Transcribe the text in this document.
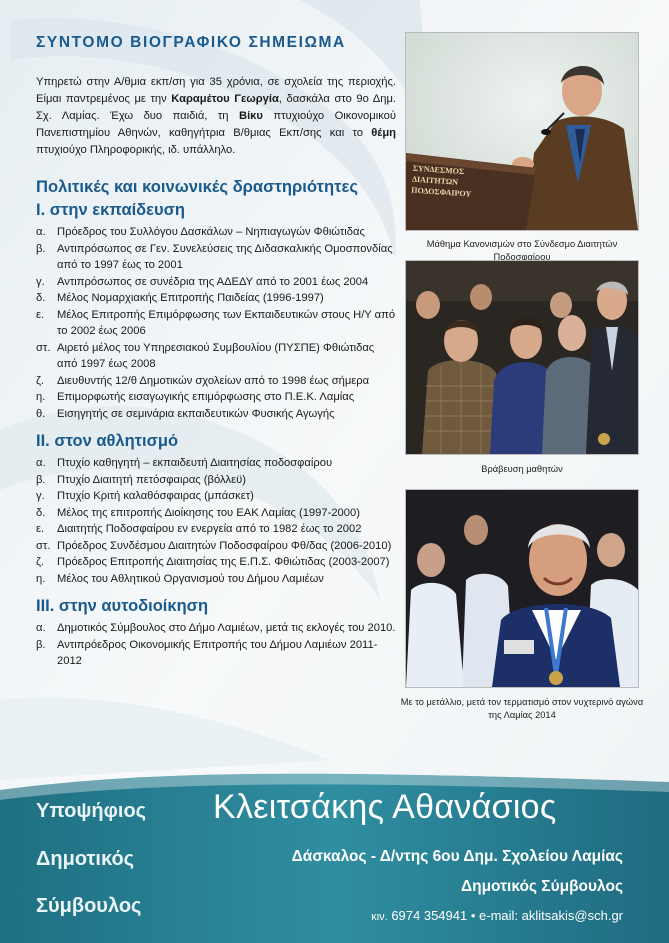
ΣΥΝΤΟΜΟ ΒΙΟΓΡΑΦΙΚΟ ΣΗΜΕΙΩΜΑ

Υπηρετώ στην Α/θμια εκπ/ση για 35 χρόνια, σε σχολεία της περιοχής. Είμαι παντρεμένος με την Καραμέτου Γεωργία, δασκάλα στο 9ο Δημ. Σχ. Λαμίας. Έχω δυο παιδιά, τη Βίκυ πτυχιούχο Οικονομικού Πανεπιστημίου Αθηνών, καθηγήτρια Β/θμιας Εκπ/σης και το θέμη πτυχιούχο Πληροφορικής, ιδ. υπάλληλο.

Πολιτικές και κοινωνικές δραστηριότητες
I. στην εκπαίδευση
α.	Πρόεδρος του Συλλόγου Δασκάλων – Νηπιαγωγών Φθιώτιδας
β.	Αντιπρόσωπος σε Γεν. Συνελεύσεις της Διδασκαλικής Ομοσπονδίας από το 1997 έως το 2001
γ.	Αντιπρόσωπος σε συνέδρια της ΑΔΕΔΥ από το 2001 έως 2004
δ.	Μέλος Νομαρχιακής Επιτροπής Παιδείας (1996-1997)
ε.	Μέλος Επιτροπής Επιμόρφωσης των Εκπαιδευτικών στους Η/Υ από το 2002 έως 2006
στ. Αιρετό μέλος του Υπηρεσιακού Συμβουλίου (ΠΥΣΠΕ) Φθιώτιδας από 1997 έως 2008
ζ.	Διευθυντής 12/θ Δημοτικών σχολείων από το 1998 έως σήμερα
η.	Επιμορφωτής εισαγωγικής επιμόρφωσης στο Π.Ε.Κ. Λαμίας
θ.	Εισηγητής σε σεμινάρια εκπαιδευτικών Φυσικής Αγωγής
II. στον αθλητισμό
α.	Πτυχίο καθηγητή – εκπαιδευτή Διαιτησίας ποδοσφαίρου
β.	Πτυχίο Διαιτητή πετόσφαιρας (βόλλεϋ)
γ.	Πτυχίο Κριτή καλαθόσφαιρας (μπάσκετ)
δ.	Μέλος της επιτροπής Διοίκησης του ΕΑΚ Λαμίας (1997-2000)
ε.	Διαιτητής Ποδοσφαίρου εν ενεργεία από το 1982 έως το 2002
στ. Πρόεδρος Συνδέσμου Διαιτητών Ποδοσφαίρου Φθ/δας (2006-2010)
ζ.	Πρόεδρος Επιτροπής Διαιτησίας της Ε.Π.Σ. Φθιώτιδας (2003-2007)
η.	Μέλος του Αθλητικού Οργανισμού του Δήμου Λαμιέων
III. στην αυτοδιοίκηση
α.	Δημοτικός Σύμβουλος στο Δήμο Λαμιέων, μετά τις εκλογές του 2010.
β.	Αντιπρόεδρος Οικονομικής Επιτροπής του Δήμου Λαμιέων 2011-2012
ΣΥΝΔΕΣΜΟΣ ΔΙΑΙΤΗΤΩΝ ΠΟΔΟΣΦΑΙΡΟΥ
Μάθημα Κανονισμών στο Σύνδεσμο Διαιτητών Ποδοσφαίρου
Βράβευση μαθητών
Με το μετάλλιο, μετά τον τερματισμό στον νυχτερινό αγώνα της Λαμίας 2014
Υποψήφιος
Δημοτικός
Σύμβουλος
Κλειτσάκης Αθανάσιος
Δάσκαλος - Δ/ντης 6ου Δημ. Σχολείου Λαμίας
Δημοτικός Σύμβουλος
κιν. 6974 354941 • e-mail: aklitsakis@sch.gr
